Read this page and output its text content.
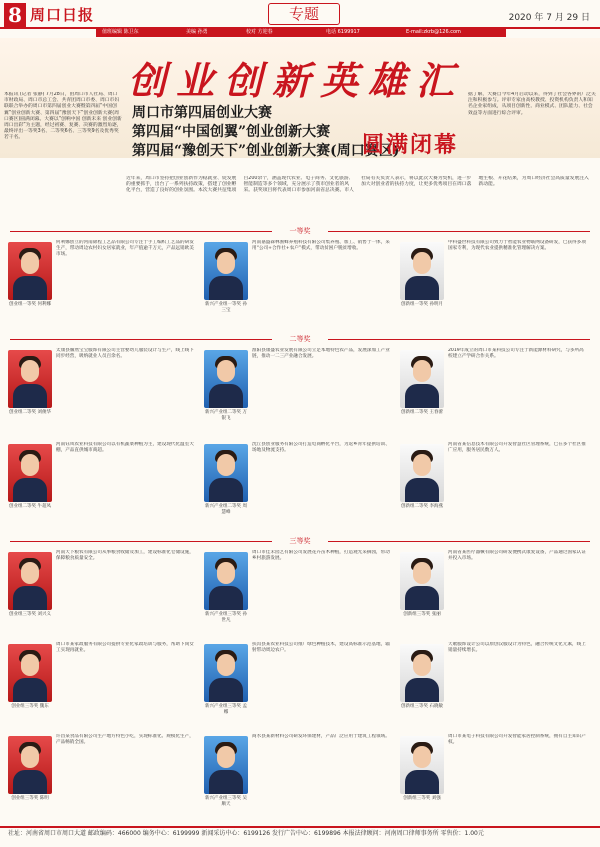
8 周口日报	专题	2020 年 7 月 29 日
值班编辑 陈卫东	美编 孙勇	校对 方迎春	电话 6199917	E-mail:zkrb@126.com
创业创新英雄汇
周口市第四届创业大赛
第四届“中国创翼”创业创新大赛
第四届“豫创天下”创业创新大赛(周口赛区)
圆满闭幕
本报讯 (记者 张静) 7月28日，由周口市人社局、周口市财政局、周口市总工会、共青团周口市委、周口市妇联联合举办的周口市第四届创业大赛暨第四届“中国创翼”创业创新大赛、第四届“豫创天下”创业创新大赛(周口赛区)圆满闭幕。大赛以“创响中国 创新未来 创业创新 周口出彩”为主题，经过初赛、复赛、决赛的激烈角逐，最终评出一等奖3名、二等奖6名、三等奖9名及优秀奖若干名。
据了解，大赛自今年4月启动以来，得到了社会各界的广泛关注和积极参与。评审专家由高校教授、投资机构负责人和知名企业家组成，从项目创新性、商业模式、团队能力、社会效益等方面进行综合评审。
近年来，周口市坚持把创业创新作为稳就业、促发展的重要抓手，出台了一系列扶持政策，搭建了创业孵化平台，营造了良好的创业氛围。本次大赛共征集项目200余个，涵盖现代农业、电子商务、文化旅游、智能制造等多个领域，充分展示了我市创业者的风采。获奖项目将代表周口市参加河南省总决赛。市人社局有关负责人表示，将以此次大赛为契机，进一步加大对创业者的扶持力度，让更多优秀项目在周口落地生根、开花结果，为周口经济社会高质量发展注入新动能。
一等奖
创业组一等奖 何利娜
何利娜创立的河南锦程工艺品有限公司专注于手工编织工艺品的研发生产，带动周边农村妇女居家就业，年产值逾千万元，产品远销欧美市场。
新兴产业组一等奖 孙三宝
河南嘉盛森林蜜蜂养殖科技有限公司集养殖、加工、销售于一体，采用“公司+合作社+农户”模式，带动贫困户脱贫增收。
创新组一等奖 孙明月
中科盛世科技有限公司致力于智能农业物联网设备研发，已获得多项国家专利，为现代农业提供精准化管理解决方案。
二等奖
创业组二等奖 刘俊华
太康县馨然宝宝服饰有限公司主营婴幼儿服装设计与生产，线上线下同步经营，吸纳就业人员百余名。
新兴产业组二等奖 万银飞
淮阳县康盛农业发展有限公司立足本地特色农产品，发展深加工产业链，推动一二三产业融合发展。
创新组二等奖 王春蕾
2019年成立的周口市某科技公司专注于新能源材料研究，与多所高校建立产学研合作关系。
创业组二等奖 牛超凤
河南钰凤农业科技有限公司以有机蔬菜种植为主，建设现代化温室大棚，产品直供城市商超。
新兴产业组二等奖 周慧峰
沈丘县创业服务有限公司打造电商孵化平台，为返乡青年提供培训、场地及物流支持。
创新组二等奖 李海燕
河南省某信息技术有限公司开发智慧社区管理系统，已在多个社区推广应用，服务居民数万人。
三等奖
创业组三等奖 刘兴义
河南天下粮农有限公司从事粮食收储及加工，建设标准化仓储设施，保障粮食质量安全。
新兴产业组三等奖 孙世凡
周口市佳禾园艺有限公司发展花卉苗木种植，打造观光采摘园，带动乡村旅游发展。
创新组三等奖 张丽
河南省某医疗器械有限公司研发便携式康复设备，产品通过国家认证并投入市场。
创业组三等奖 魏东
周口市某家政服务有限公司提供专业化家政培训与服务，帮助下岗女工实现再就业。
新兴产业组三等奖 孟娜
扶沟县某农业科技公司推广绿色种植技术，建设高标准示范基地，辐射带动周边农户。
创新组三等奖 石晓敏
天歌服饰设计公司以原创汉服设计为特色，融合传统文化元素，线上销量持续增长。
创业组三等奖 陈明
许昌某食品有限公司生产地方特色小吃，实现标准化、规模化生产，产品畅销全国。
新兴产业组三等奖 吴顺天
商水县某新材料公司研发环保建材，产品广泛应用于建筑工程领域。
创新组三等奖 刘强
周口市某电子科技有限公司开发智能家居控制系统，拥有自主知识产权。
社址：河南省周口市周口大道 邮政编码：466000 编务中心：6199999 新闻采访中心：6199126 发行广告中心：6199896 本报法律顾问：河南周口律师事务所 零售价：1.00元
